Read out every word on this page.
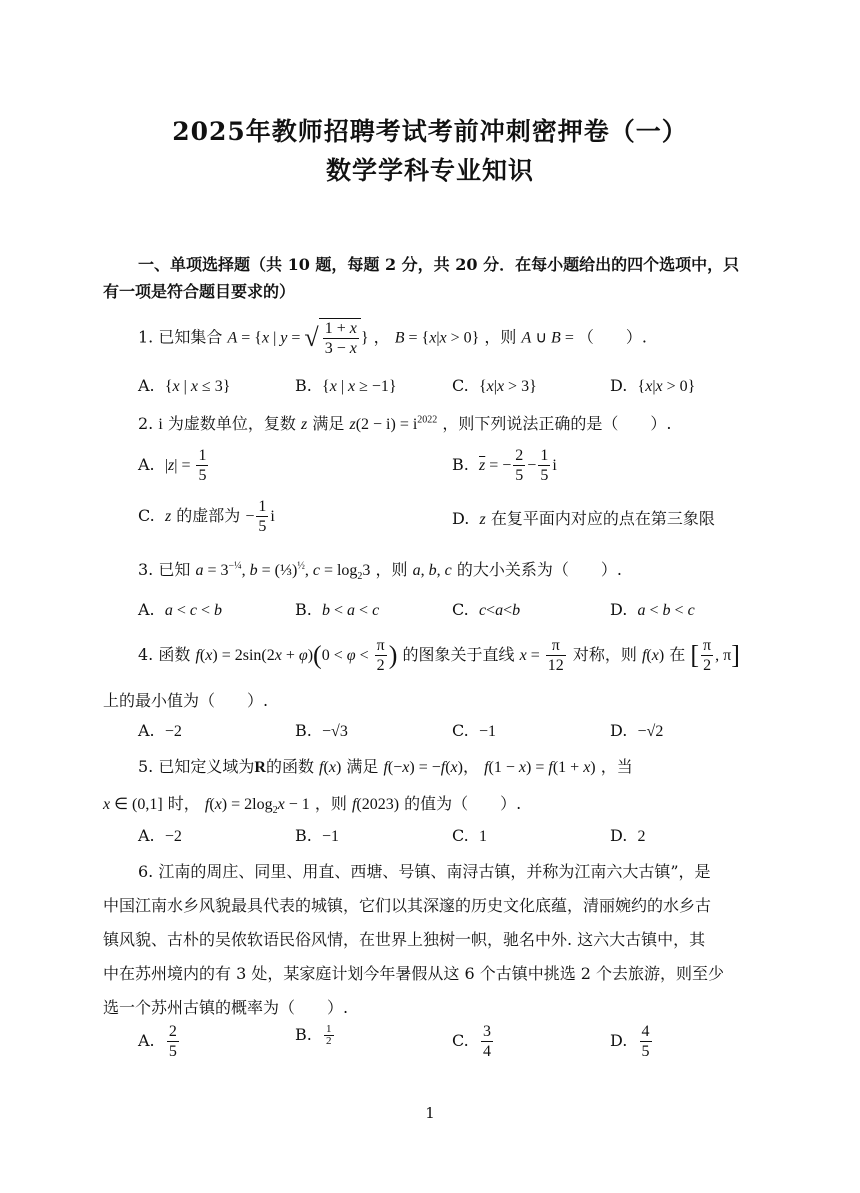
2025年教师招聘考试考前冲刺密押卷（一）
数学学科专业知识
一、单项选择题（共 10 题，每题 2 分，共 20 分．在每小题给出的四个选项中，只
有一项是符合题目要求的）
1. 已知集合 A = {x | y = √ $\frac{1 + x}{3 - x}$ } ， B = {x|x > 0} ，则 A ∪ B = （　　）.
A. {x | x ≤ 3}	B. {x | x ≥ −1}	C. {x|x > 3}	D. {x|x > 0}
2. i 为虚数单位，复数 z 满足 $z(2 - i) = i^{2022}$ ，则下列说法正确的是（　　）.
A.  $|z| = \frac{1}{5}$	B.  $\overline{z}$ = − $\frac{2}{5} - \frac{1}{5}$ i
C.  z 的虚部为 − $\frac{1}{5}$ i	D.  z 在复平面内对应的点在第三象限
3. 已知 $a = 3^{-\frac{1}{4}}$, b = (⅓)$^{\frac{1}{2}}$, $c = \log_23$ ，则 a, b, c 的大小关系为（　　）.
A.  a < c < b	B.  b < a < c	C.  c<a<b	D.  a < b < c
4. 函数 $f(x) = 2\sin(2x + \varphi)(0 < \varphi < \frac{\pi}{2}$ ) 的图象关于直线 $x = \frac{\pi}{12}$ 对称，则 f(x) 在 [ $\frac{\pi}{2}$ , π]
上的最小值为（　　）.
A.  −2	B.  −√3	C.  −1	D.  −√2
5. 已知定义域为R的函数 f(x) 满足 f(−x) = −f(x)， f(1 − x) = f(1 + x) ，当
x ∈ (0,1] 时， $f(x) = 2\log_2x - 1$ ，则 f(2023) 的值为（　　）.
A.  −2	B.  −1	C.  1	D.  2
6. 江南的周庄、同里、用直、西塘、号镇、南浔古镇，并称为江南六大古镇”，是
中国江南水乡风貌最具代表的城镇，它们以其深邃的历史文化底蕴，清丽婉约的水乡古
镇风貌、古朴的吴侬软语民俗风情，在世界上独树一帜，驰名中外. 这六大古镇中，其
中在苏州境内的有 3 处，某家庭计划今年暑假从这 6 个古镇中挑选 2 个去旅游，则至少
选一个苏州古镇的概率为（　　）.
A. $\frac{2}{5}$	B. $\frac{1}{2}$	C. $\frac{3}{4}$	D. $\frac{4}{5}$
1
